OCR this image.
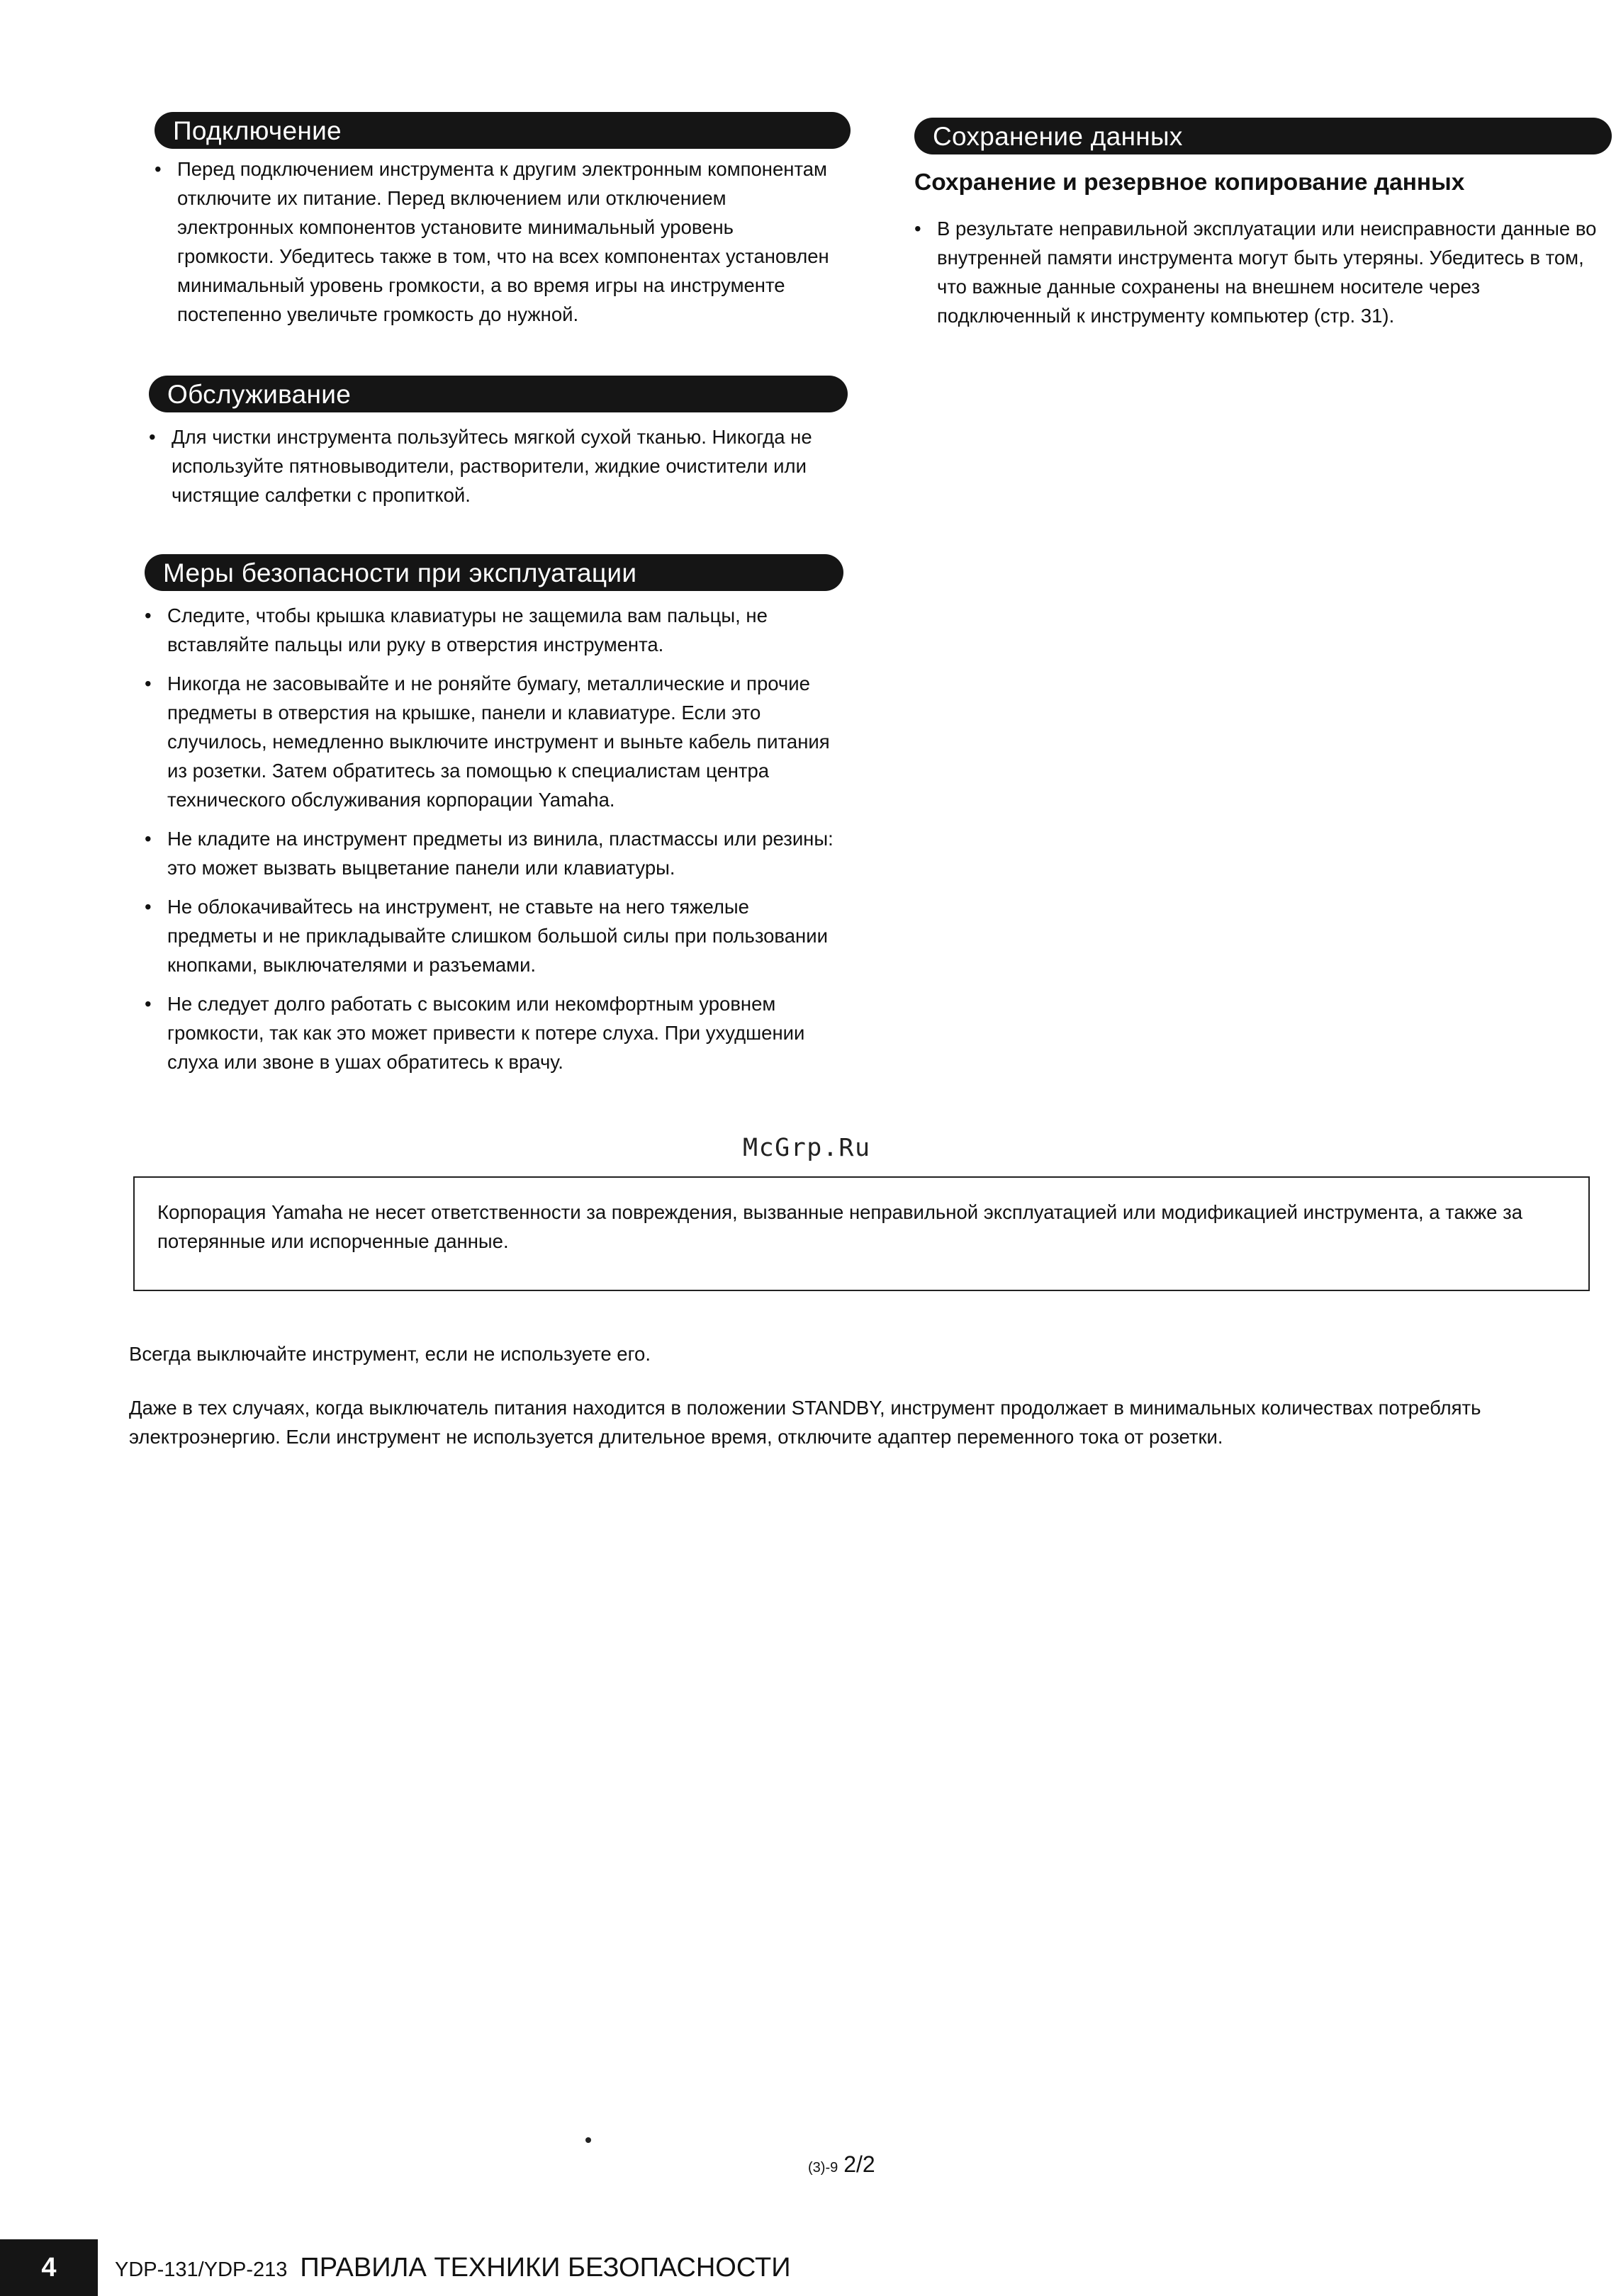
Подключение
• Перед подключением инструмента к другим электронным компонентам отключите их питание. Перед включением или отключением электронных компонентов установите минимальный уровень громкости. Убедитесь также в том, что на всех компонентах установлен минимальный уровень громкости, а во время игры на инструменте постепенно увеличьте громкость до нужной.
Обслуживание
• Для чистки инструмента пользуйтесь мягкой сухой тканью. Никогда не используйте пятновыводители, растворители, жидкие очистители или чистящие салфетки с пропиткой.
Меры безопасности при эксплуатации
• Следите, чтобы крышка клавиатуры не защемила вам пальцы, не вставляйте пальцы или руку в отверстия инструмента.
• Никогда не засовывайте и не роняйте бумагу, металлические и прочие предметы в отверстия на крышке, панели и клавиатуре. Если это случилось, немедленно выключите инструмент и выньте кабель питания из розетки. Затем обратитесь за помощью к специалистам центра технического обслуживания корпорации Yamaha.
• Не кладите на инструмент предметы из винила, пластмассы или резины: это может вызвать выцветание панели или клавиатуры.
• Не облокачивайтесь на инструмент, не ставьте на него тяжелые предметы и не прикладывайте слишком большой силы при пользовании кнопками, выключателями и разъемами.
• Не следует долго работать с высоким или некомфортным уровнем громкости, так как это может привести к потере слуха. При ухудшении слуха или звоне в ушах обратитесь к врачу.
Сохранение данных
Сохранение и резервное копирование данных
• В результате неправильной эксплуатации или неисправности данные во внутренней памяти инструмента могут быть утеряны. Убедитесь в том, что важные данные сохранены на внешнем носителе через подключенный к инструменту компьютер (стр. 31).
McGrp.Ru
Корпорация Yamaha не несет ответственности за повреждения, вызванные неправильной эксплуатацией или модификацией инструмента, а также за потерянные или испорченные данные.
Всегда выключайте инструмент, если не используете его.
Даже в тех случаях, когда выключатель питания находится в положении STANDBY, инструмент продолжает в минимальных количествах потреблять электроэнергию. Если инструмент не используется длительное время, отключите адаптер переменного тока от розетки.
(3)-9 2/2
4	YDP-131/YDP-213 ПРАВИЛА ТЕХНИКИ БЕЗОПАСНОСТИ
